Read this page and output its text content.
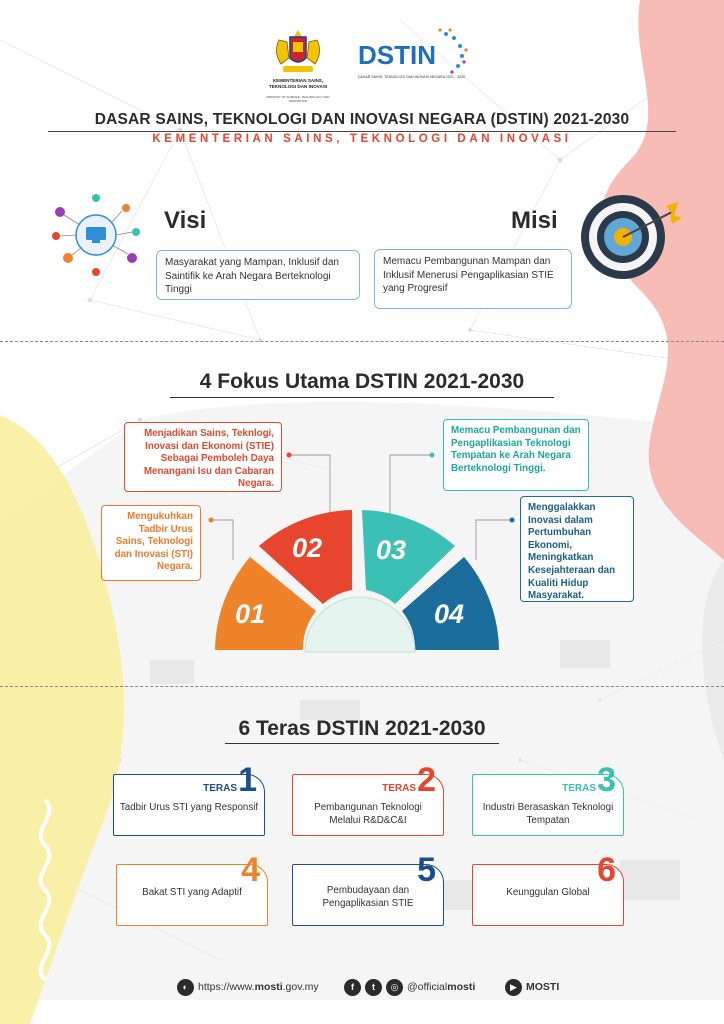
KEMENTERIAN SAINS,
TEKNOLOGI DAN INOVASI
MINISTRY OF SCIENCE, TECHNOLOGY AND INNOVATION
DSTIN
DASAR SAINS, TEKNOLOGI DAN INOVASI NEGARA 2021 - 2030
DASAR SAINS, TEKNOLOGI DAN INOVASI NEGARA (DSTIN) 2021-2030
KEMENTERIAN SAINS, TEKNOLOGI DAN INOVASI
Visi
Masyarakat yang Mampan, Inklusif dan Saintifik ke Arah Negara Berteknologi Tinggi
Misi
Memacu Pembangunan Mampan dan Inklusif Menerusi Pengaplikasian STIE yang Progresif
4 Fokus Utama DSTIN 2021-2030
Menjadikan Sains, Teknlogi, Inovasi dan Ekonomi (STIE) Sebagai Pemboleh Daya Menangani Isu dan Cabaran Negara.
Mengukuhkan Tadbir Urus Sains, Teknologi dan Inovasi (STI) Negara.
Memacu Pembangunan dan Pengaplikasian Teknologi Tempatan ke Arah Negara Berteknologi Tinggi.
Menggalakkan Inovasi dalam Pertumbuhan Ekonomi, Meningkatkan Kesejahteraan dan Kualiti Hidup Masyarakat.
01
02 03
04
6 Teras DSTIN 2021-2030
TERAS 1
Tadbir Urus STI yang Responsif
TERAS 2
Pembangunan Teknologi Melalui R&D&C&I
TERAS 3
Industri Berasaskan Teknologi Tempatan
4
Bakat STI yang Adaptif
5
Pembudayaan dan Pengaplikasian STIE
6
Keunggulan Global
◐ https://www. mosti .gov.my	f	t	◎ @official mosti	▶ MOSTI
